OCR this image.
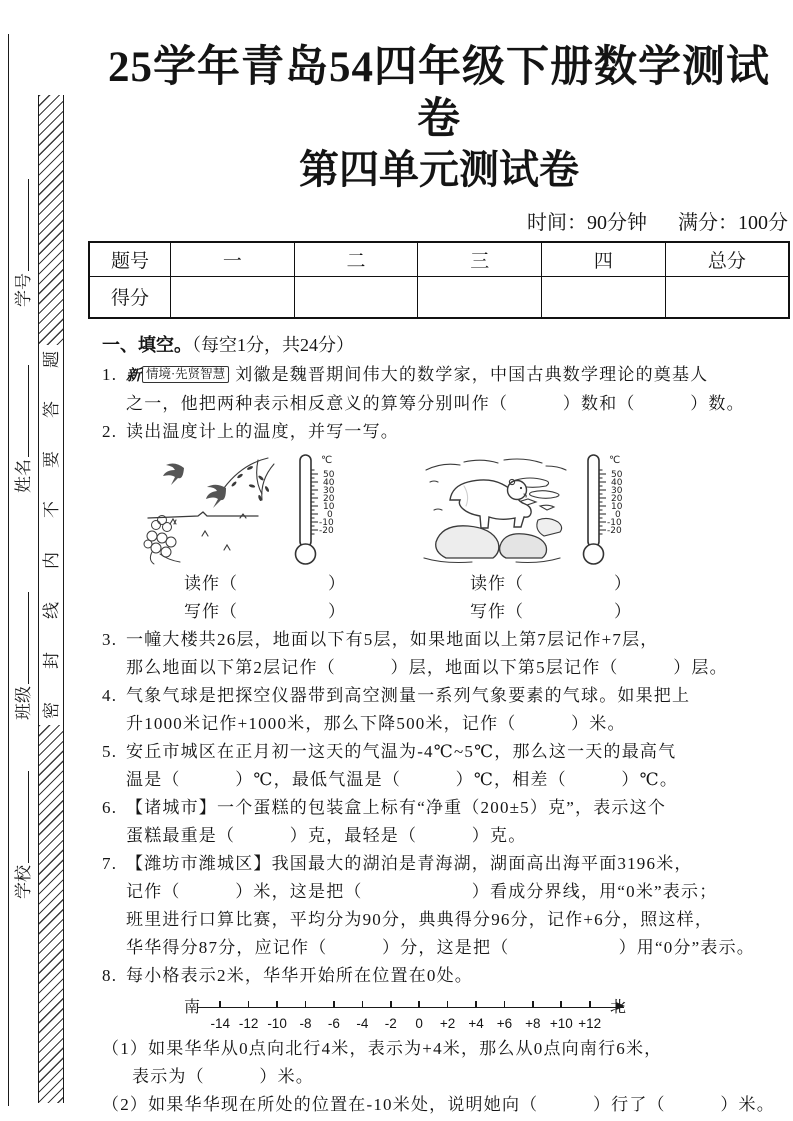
学号
姓名
班级
学校
题
答
要
不
内
线
封
密
25学年青岛54四年级下册数学测试卷
第四单元测试卷
时间：90分钟 满分：100分
题号	一	二	三	四	总分
得分					
一、填空。（每空1分，共24分）
1. 新 情境·先贤智慧 刘徽是魏晋期间伟大的数学家，中国古典数学理论的奠基人
之一，他把两种表示相反意义的算筹分别叫作（　　　）数和（　　　）数。
2. 读出温度计上的温度，并写一写。
℃
50
40
30
20
10
0
-10
-20
℃
50
40
30
20
10
0
-10
-20
读作（　　　　　）	读作（　　　　　）
写作（　　　　　）	写作（　　　　　）
3. 一幢大楼共26层，地面以下有5层，如果地面以上第7层记作+7层，
那么地面以下第2层记作（　　　）层，地面以下第5层记作（　　　）层。
4. 气象气球是把探空仪器带到高空测量一系列气象要素的气球。如果把上
升1000米记作+1000米，那么下降500米，记作（　　　）米。
5. 安丘市城区在正月初一这天的气温为-4℃~5℃，那么这一天的最高气
温是（　　　）℃，最低气温是（　　　）℃，相差（　　　）℃。
6. 【诸城市】一个蛋糕的包装盒上标有“净重（200±5）克”，表示这个
蛋糕最重是（　　　）克，最轻是（　　　）克。
7. 【潍坊市潍城区】我国最大的湖泊是青海湖，湖面高出海平面3196米，
记作（　　　）米，这是把（　　　　　　）看成分界线，用“0米”表示；
班里进行口算比赛，平均分为90分，典典得分96分，记作+6分，照这样，
华华得分87分，应记作（　　　）分，这是把（　　　　　　）用“0分”表示。
8. 每小格表示2米，华华开始所在位置在0处。
南
-14 -12 -10 -8	-6	-4	-2	0	+2 +4 +6 +8 +10 +12
北
（1）如果华华从0点向北行4米，表示为+4米，那么从0点向南行6米，
表示为（　　　）米。
（2）如果华华现在所处的位置在-10米处，说明她向（　　　）行了（　　　）米。
